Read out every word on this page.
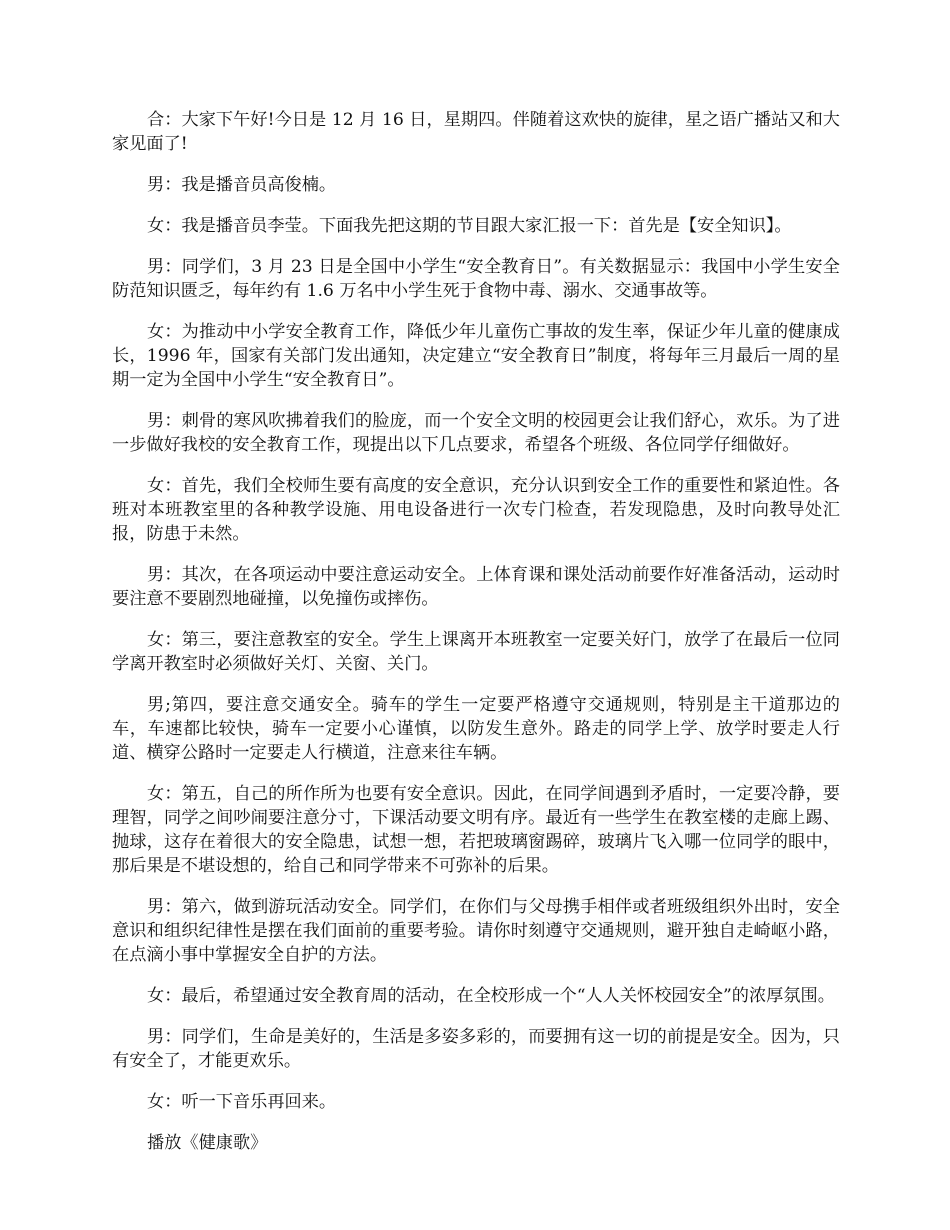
合：大家下午好!今日是 12 月 16 日，星期四。伴随着这欢快的旋律，星之语广播站又和大家见面了!

男：我是播音员高俊楠。

女：我是播音员李莹。下面我先把这期的节目跟大家汇报一下：首先是【安全知识】。

男：同学们，3 月 23 日是全国中小学生“安全教育日”。有关数据显示：我国中小学生安全防范知识匮乏，每年约有 1.6 万名中小学生死于食物中毒、溺水、交通事故等。

女：为推动中小学安全教育工作，降低少年儿童伤亡事故的发生率，保证少年儿童的健康成长，1996 年，国家有关部门发出通知，决定建立“安全教育日”制度，将每年三月最后一周的星期一定为全国中小学生“安全教育日”。

男：刺骨的寒风吹拂着我们的脸庞，而一个安全文明的校园更会让我们舒心，欢乐。为了进一步做好我校的安全教育工作，现提出以下几点要求，希望各个班级、各位同学仔细做好。

女：首先，我们全校师生要有高度的安全意识，充分认识到安全工作的重要性和紧迫性。各班对本班教室里的各种教学设施、用电设备进行一次专门检查，若发现隐患，及时向教导处汇报，防患于未然。

男：其次，在各项运动中要注意运动安全。上体育课和课处活动前要作好准备活动，运动时要注意不要剧烈地碰撞，以免撞伤或摔伤。

女：第三，要注意教室的安全。学生上课离开本班教室一定要关好门，放学了在最后一位同学离开教室时必须做好关灯、关窗、关门。

男;第四，要注意交通安全。骑车的学生一定要严格遵守交通规则，特别是主干道那边的车，车速都比较快，骑车一定要小心谨慎，以防发生意外。路走的同学上学、放学时要走人行道、横穿公路时一定要走人行横道，注意来往车辆。

女：第五，自己的所作所为也要有安全意识。因此，在同学间遇到矛盾时，一定要冷静，要理智，同学之间吵闹要注意分寸，下课活动要文明有序。最近有一些学生在教室楼的走廊上踢、抛球，这存在着很大的安全隐患，试想一想，若把玻璃窗踢碎，玻璃片飞入哪一位同学的眼中，那后果是不堪设想的，给自己和同学带来不可弥补的后果。

男：第六，做到游玩活动安全。同学们，在你们与父母携手相伴或者班级组织外出时，安全意识和组织纪律性是摆在我们面前的重要考验。请你时刻遵守交通规则，避开独自走崎岖小路，在点滴小事中掌握安全自护的方法。

女：最后，希望通过安全教育周的活动，在全校形成一个“人人关怀校园安全”的浓厚氛围。

男：同学们，生命是美好的，生活是多姿多彩的，而要拥有这一切的前提是安全。因为，只有安全了，才能更欢乐。

女：听一下音乐再回来。

播放《健康歌》
